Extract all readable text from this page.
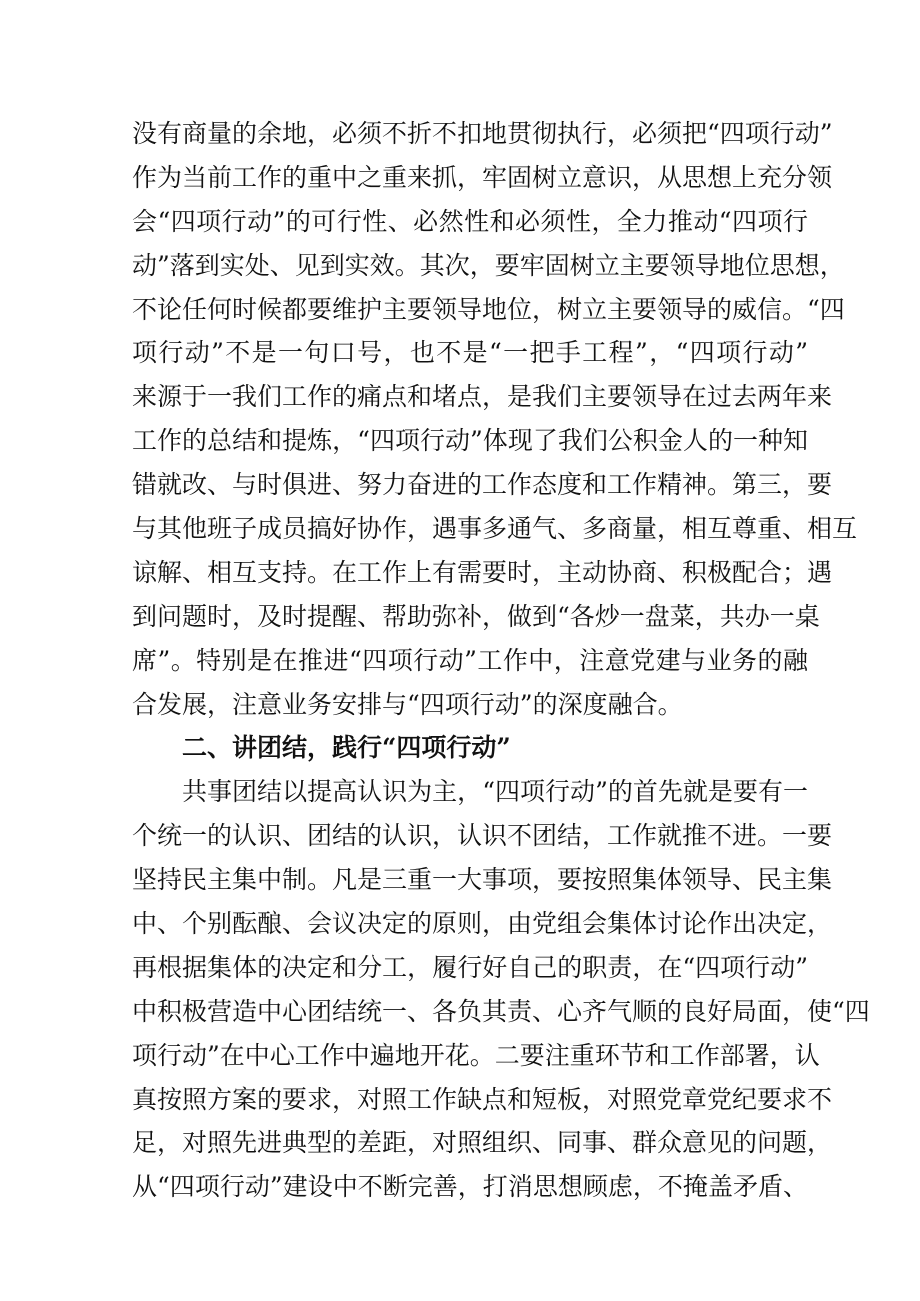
没有商量的余地，必须不折不扣地贯彻执行，必须把“四项行动”
作为当前工作的重中之重来抓，牢固树立意识，从思想上充分领
会“四项行动”的可行性、必然性和必须性，全力推动“四项行
动”落到实处、见到实效。其次，要牢固树立主要领导地位思想，
不论任何时候都要维护主要领导地位，树立主要领导的威信。“四
项行动”不是一句口号，也不是“一把手工程”，“四项行动”
来源于一我们工作的痛点和堵点，是我们主要领导在过去两年来
工作的总结和提炼，“四项行动”体现了我们公积金人的一种知
错就改、与时俱进、努力奋进的工作态度和工作精神。第三，要
与其他班子成员搞好协作，遇事多通气、多商量，相互尊重、相互
谅解、相互支持。在工作上有需要时，主动协商、积极配合；遇
到问题时，及时提醒、帮助弥补，做到“各炒一盘菜，共办一桌
席”。特别是在推进“四项行动”工作中，注意党建与业务的融
合发展，注意业务安排与“四项行动”的深度融合。
二、讲团结，践行“四项行动”
共事团结以提高认识为主，“四项行动”的首先就是要有一
个统一的认识、团结的认识，认识不团结，工作就推不进。一要
坚持民主集中制。凡是三重一大事项，要按照集体领导、民主集
中、个别酝酿、会议决定的原则，由党组会集体讨论作出决定，
再根据集体的决定和分工，履行好自己的职责，在“四项行动”
中积极营造中心团结统一、各负其责、心齐气顺的良好局面，使“四
项行动”在中心工作中遍地开花。二要注重环节和工作部署，认
真按照方案的要求，对照工作缺点和短板，对照党章党纪要求不
足，对照先进典型的差距，对照组织、同事、群众意见的问题，
从“四项行动”建设中不断完善，打消思想顾虑，不掩盖矛盾、
